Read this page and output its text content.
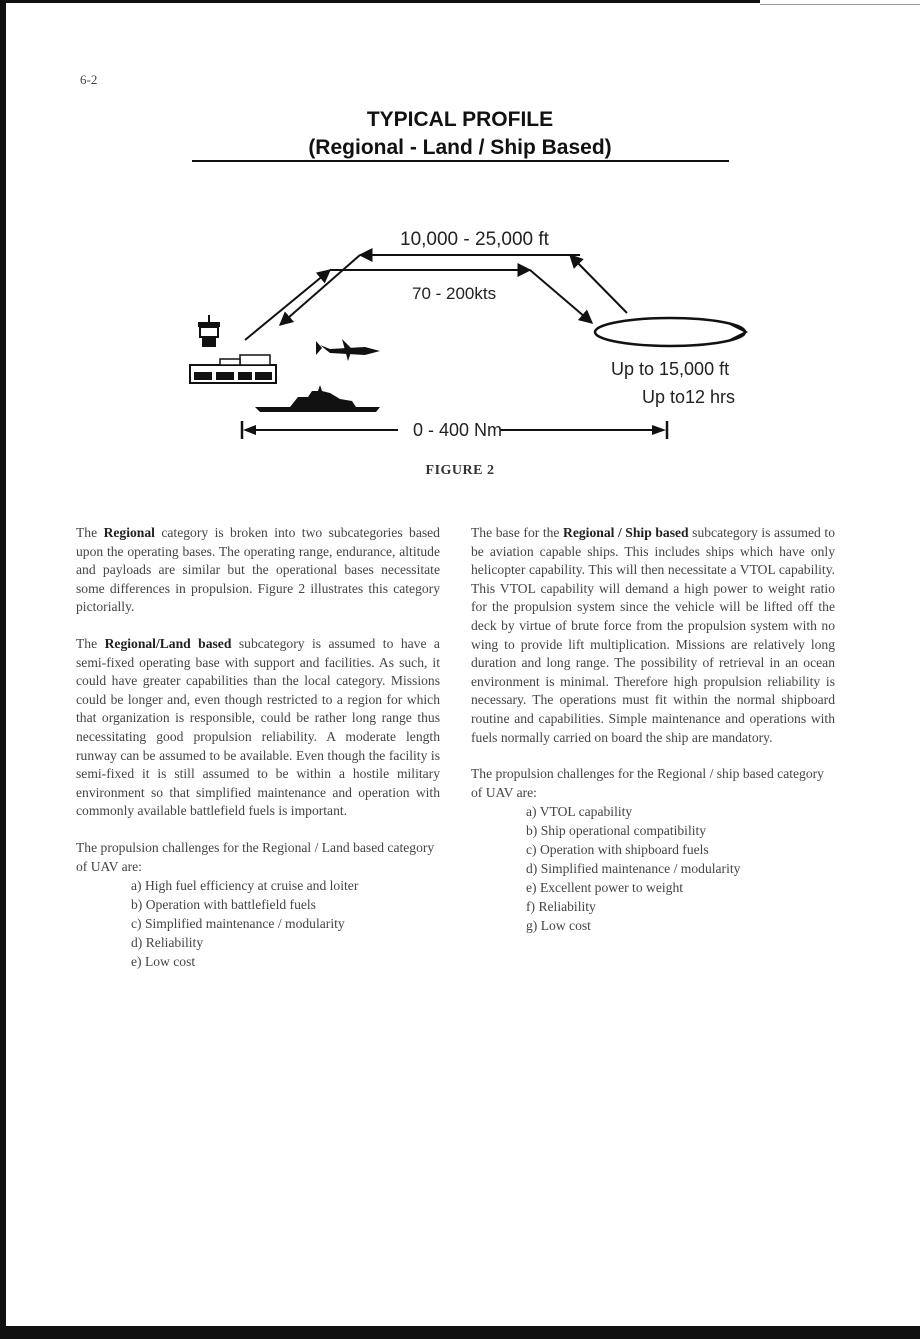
6-2
TYPICAL PROFILE
(Regional - Land / Ship Based)
10,000 - 25,000 ft
70 - 200kts
Up to 15,000 ft
Up to12 hrs
0 - 400 Nm
FIGURE 2

The Regional category is broken into two subcategories based upon the operating bases. The operating range, endurance, altitude and payloads are similar but the operational bases necessitate some differences in propulsion. Figure 2 illustrates this category pictorially.

The Regional/Land based subcategory is assumed to have a semi-fixed operating base with support and facilities. As such, it could have greater capabilities than the local category. Missions could be longer and, even though restricted to a region for which that organization is responsible, could be rather long range thus necessitating good propulsion reliability. A moderate length runway can be assumed to be available. Even though the facility is semi-fixed it is still assumed to be within a hostile military environment so that simplified maintenance and operation with commonly available battlefield fuels is important.

The propulsion challenges for the Regional / Land based category of UAV are:

a) High fuel efficiency at cruise and loiter
b) Operation with battlefield fuels
c) Simplified maintenance / modularity
d) Reliability
e) Low cost

The base for the Regional / Ship based subcategory is assumed to be aviation capable ships. This includes ships which have only helicopter capability. This will then necessitate a VTOL capability. This VTOL capability will demand a high power to weight ratio for the propulsion system since the vehicle will be lifted off the deck by virtue of brute force from the propulsion system with no wing to provide lift multiplication. Missions are relatively long duration and long range. The possibility of retrieval in an ocean environment is minimal. Therefore high propulsion reliability is necessary. The operations must fit within the normal shipboard routine and capabilities. Simple maintenance and operations with fuels normally carried on board the ship are mandatory.

The propulsion challenges for the Regional / ship based category of UAV are:

a) VTOL capability
b) Ship operational compatibility
c) Operation with shipboard fuels
d) Simplified maintenance / modularity
e) Excellent power to weight
f) Reliability
g) Low cost
